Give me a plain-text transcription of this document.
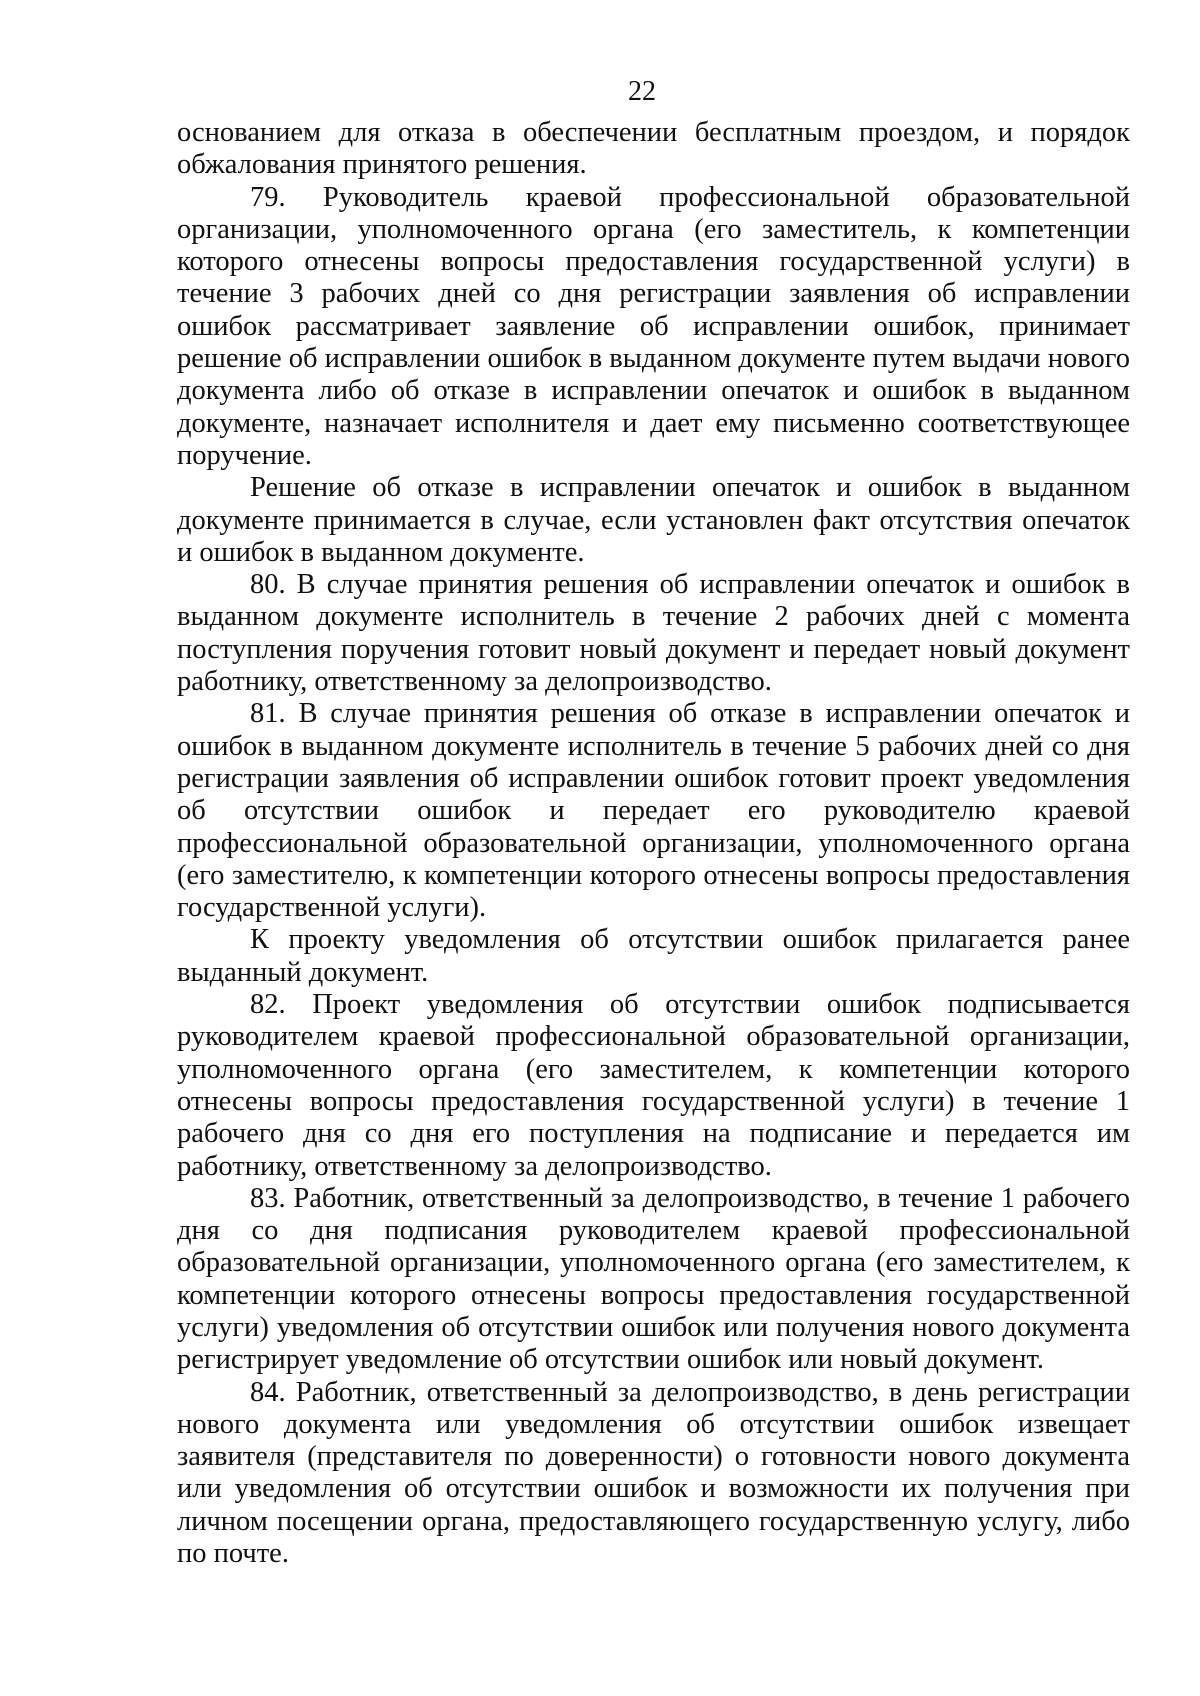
22

основанием для отказа в обеспечении бесплатным проездом, и порядок обжалования принятого решения.

79. Руководитель краевой профессиональной образовательной организации, уполномоченного органа (его заместитель, к компетенции которого отнесены вопросы предоставления государственной услуги) в течение 3 рабочих дней со дня регистрации заявления об исправлении ошибок рассматривает заявление об исправлении ошибок, принимает решение об исправлении ошибок в выданном документе путем выдачи нового документа либо об отказе в исправлении опечаток и ошибок в выданном документе, назначает исполнителя и дает ему письменно соответствующее поручение.

Решение об отказе в исправлении опечаток и ошибок в выданном документе принимается в случае, если установлен факт отсутствия опечаток и ошибок в выданном документе.

80. В случае принятия решения об исправлении опечаток и ошибок в выданном документе исполнитель в течение 2 рабочих дней с момента поступления поручения готовит новый документ и передает новый документ работнику, ответственному за делопроизводство.

81. В случае принятия решения об отказе в исправлении опечаток и ошибок в выданном документе исполнитель в течение 5 рабочих дней со дня регистрации заявления об исправлении ошибок готовит проект уведомления об отсутствии ошибок и передает его руководителю краевой профессиональной образовательной организации, уполномоченного органа (его заместителю, к компетенции которого отнесены вопросы предоставления государственной услуги).

К проекту уведомления об отсутствии ошибок прилагается ранее выданный документ.

82. Проект уведомления об отсутствии ошибок подписывается руководителем краевой профессиональной образовательной организации, уполномоченного органа (его заместителем, к компетенции которого отнесены вопросы предоставления государственной услуги) в течение 1 рабочего дня со дня его поступления на подписание и передается им работнику, ответственному за делопроизводство.

83. Работник, ответственный за делопроизводство, в течение 1 рабочего дня со дня подписания руководителем краевой профессиональной образовательной организации, уполномоченного органа (его заместителем, к компетенции которого отнесены вопросы предоставления государственной услуги) уведомления об отсутствии ошибок или получения нового документа регистрирует уведомление об отсутствии ошибок или новый документ.

84. Работник, ответственный за делопроизводство, в день регистрации нового документа или уведомления об отсутствии ошибок извещает заявителя (представителя по доверенности) о готовности нового документа или уведомления об отсутствии ошибок и возможности их получения при личном посещении органа, предоставляющего государственную услугу, либо по почте.
